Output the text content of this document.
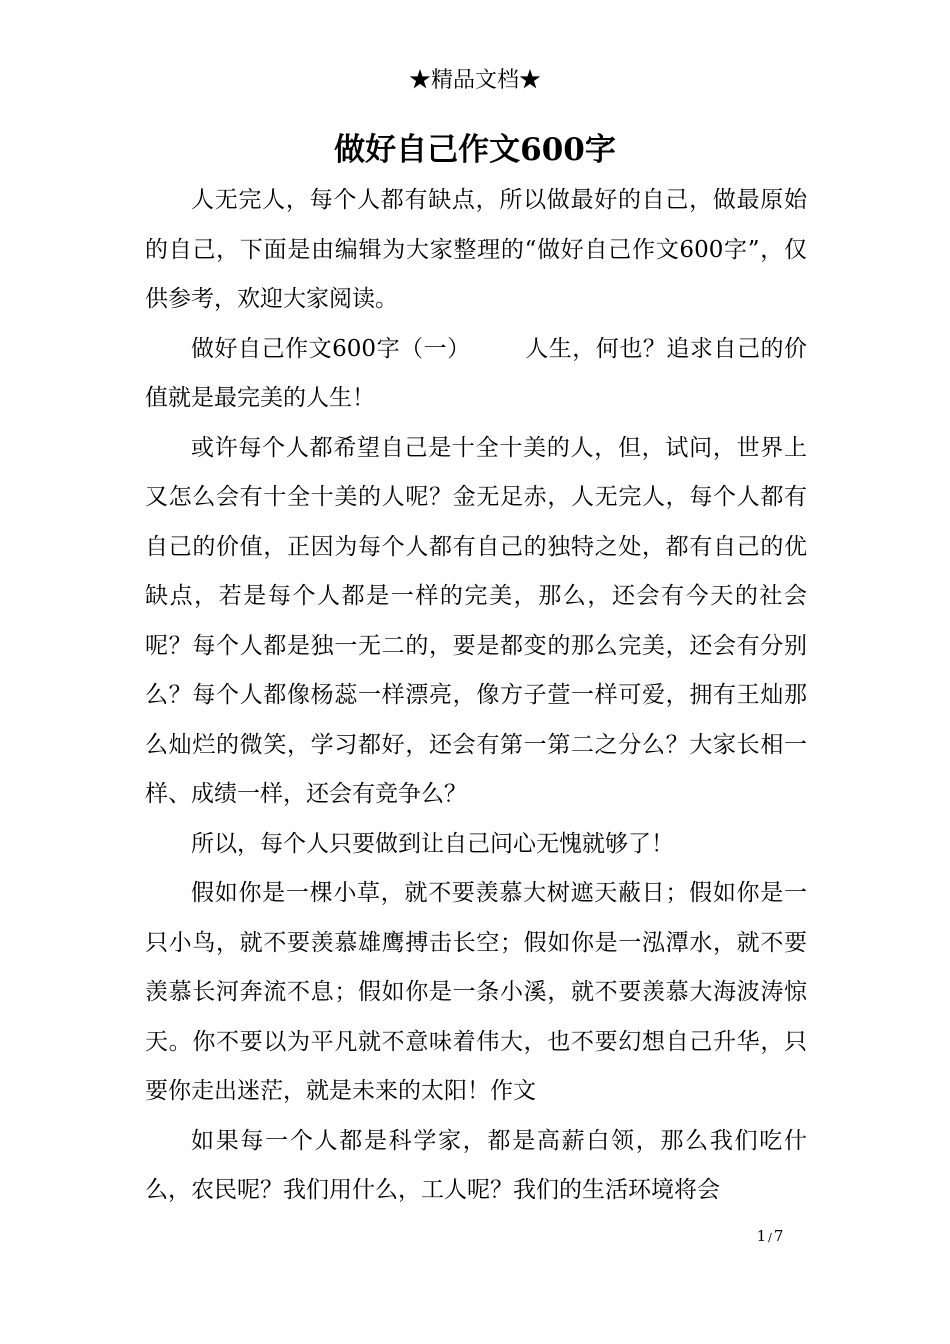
★精品文档★
做好自己作文600字

人无完人，每个人都有缺点，所以做最好的自己，做最原始的自己，下面是由编辑为大家整理的“做好自己作文600字”，仅供参考，欢迎大家阅读。

做好自己作文600字（一） 人生，何也？追求自己的价值就是最完美的人生！

或许每个人都希望自己是十全十美的人，但，试问，世界上又怎么会有十全十美的人呢？金无足赤，人无完人，每个人都有自己的价值，正因为每个人都有自己的独特之处，都有自己的优缺点，若是每个人都是一样的完美，那么，还会有今天的社会呢？每个人都是独一无二的，要是都变的那么完美，还会有分别么？每个人都像杨蕊一样漂亮，像方子萱一样可爱，拥有王灿那么灿烂的微笑，学习都好，还会有第一第二之分么？大家长相一样、成绩一样，还会有竞争么？

所以，每个人只要做到让自己问心无愧就够了！

假如你是一棵小草，就不要羡慕大树遮天蔽日；假如你是一只小鸟，就不要羡慕雄鹰搏击长空；假如你是一泓潭水，就不要羡慕长河奔流不息；假如你是一条小溪，就不要羡慕大海波涛惊天。你不要以为平凡就不意味着伟大，也不要幻想自己升华，只要你走出迷茫，就是未来的太阳！作文

如果每一个人都是科学家，都是高薪白领，那么我们吃什么，农民呢？我们用什么，工人呢？我们的生活环境将会

1 / 7
